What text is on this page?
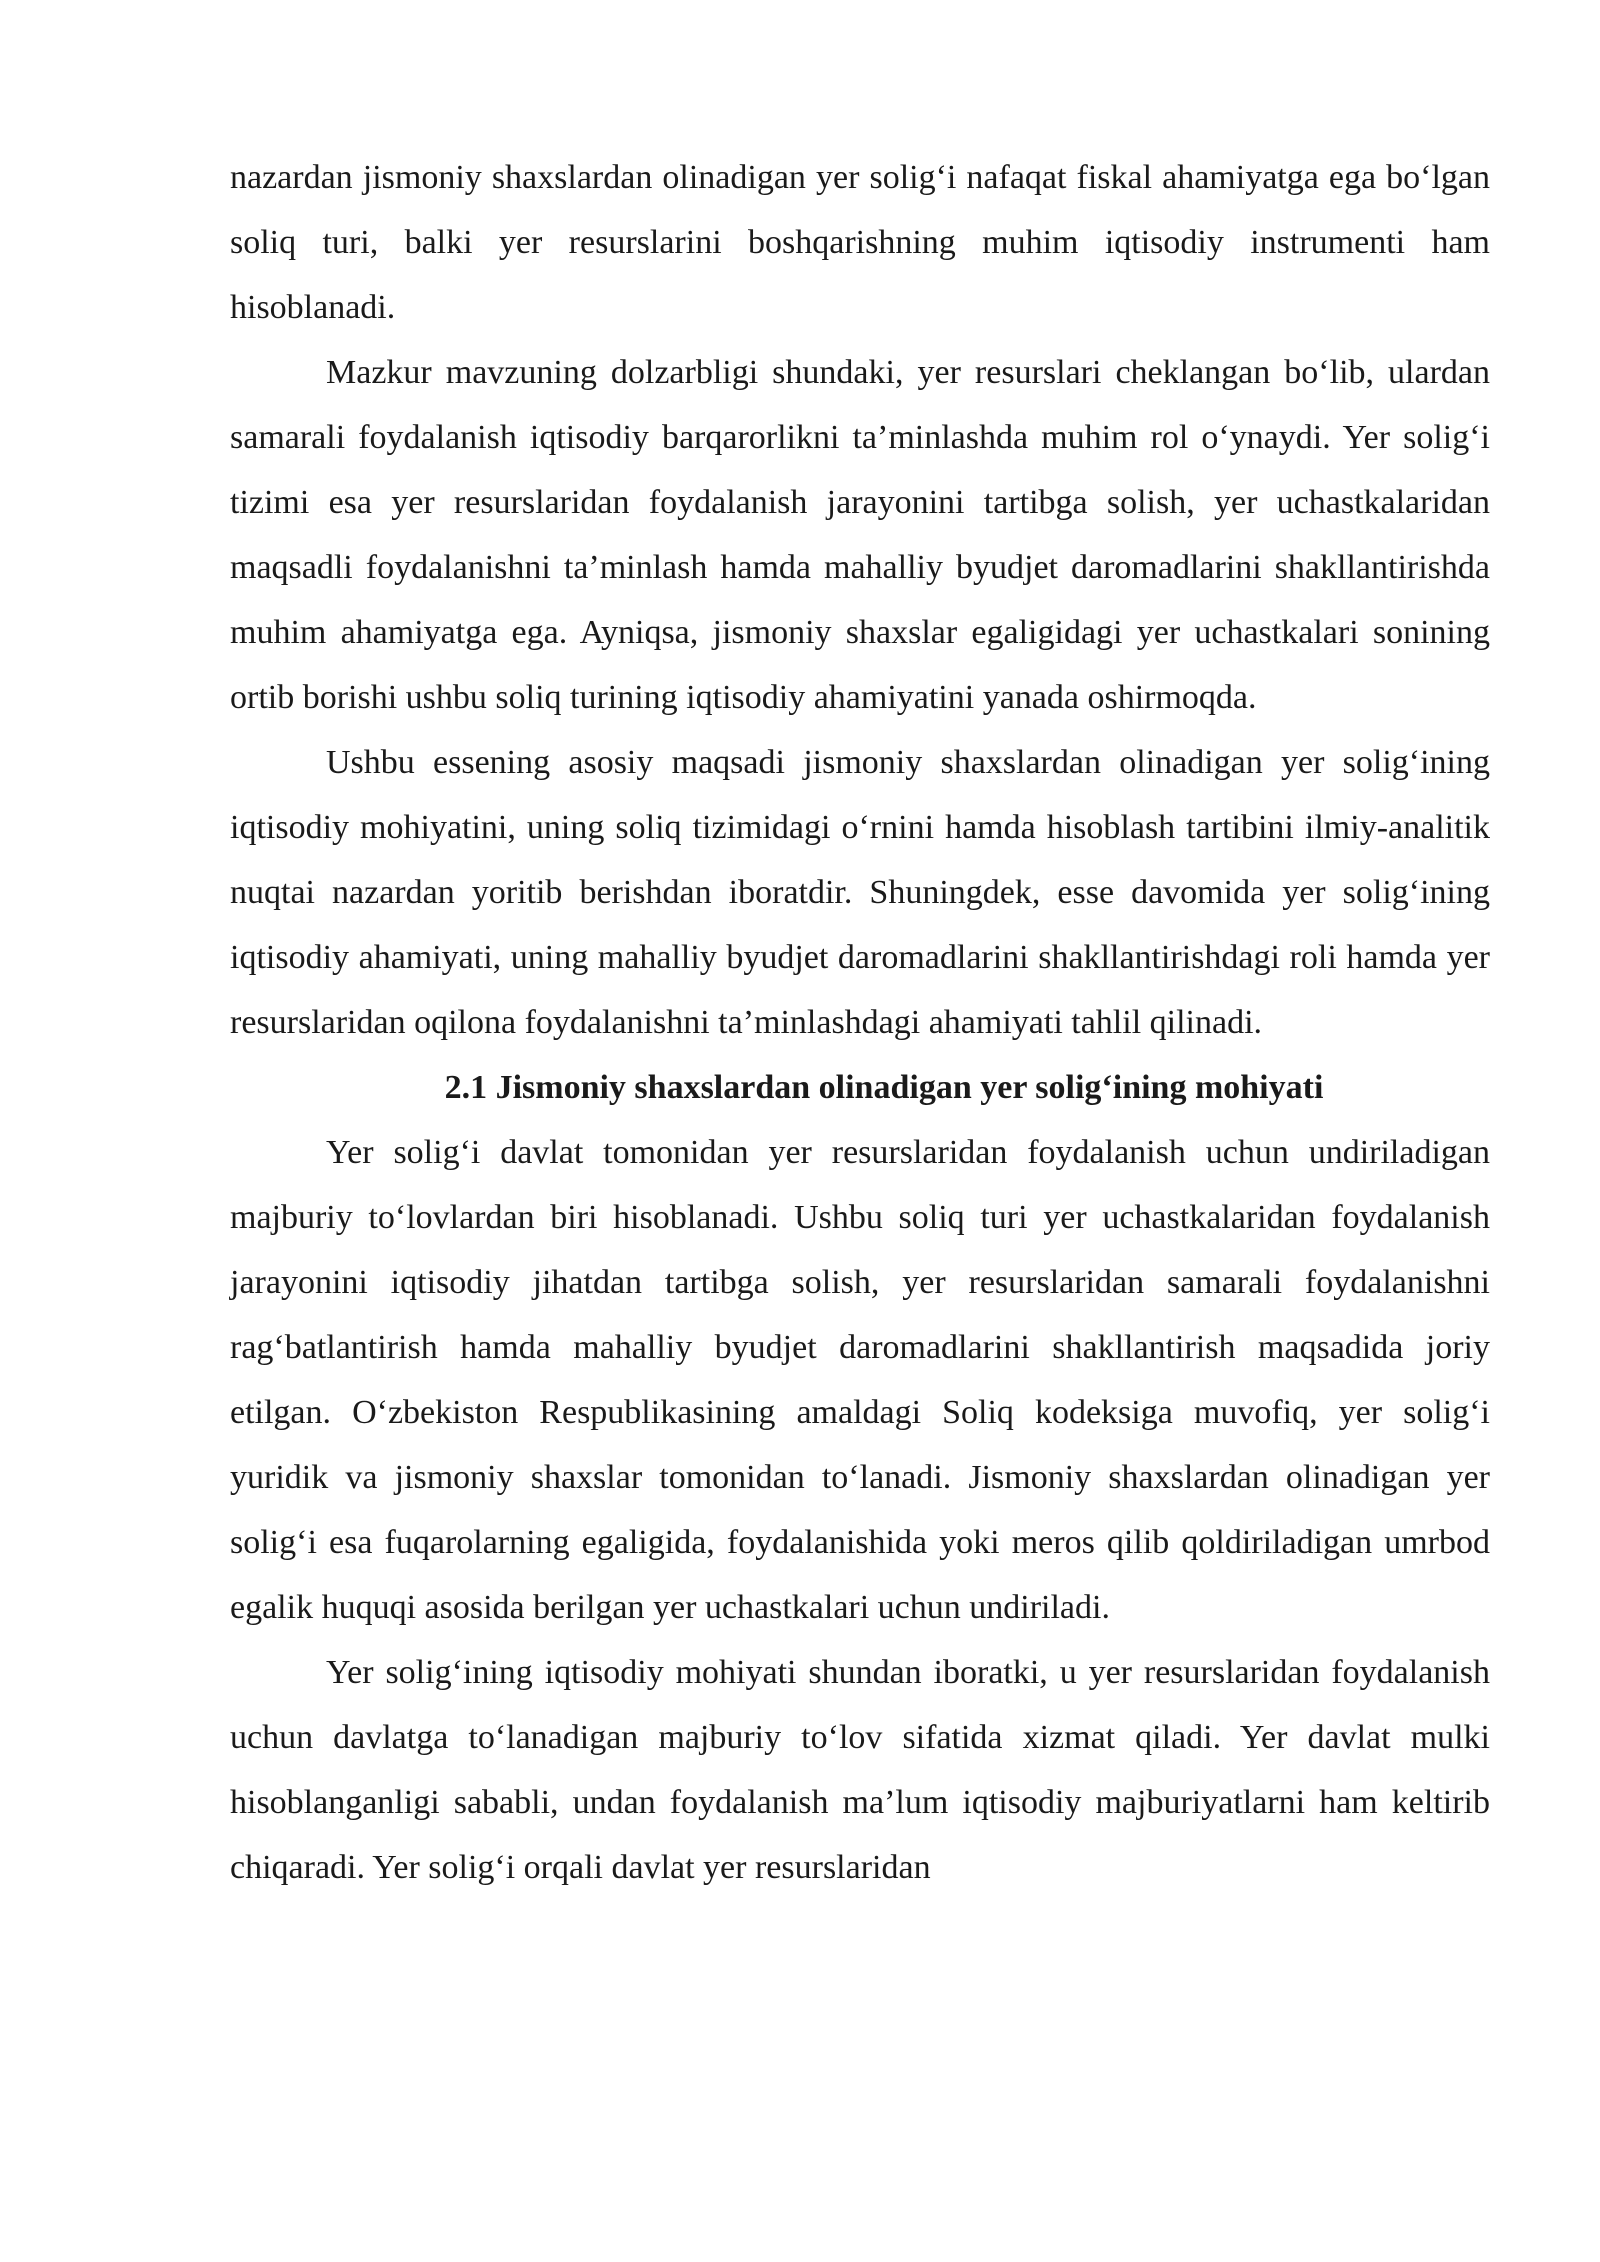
nazardan jismoniy shaxslardan olinadigan yer solig‘i nafaqat fiskal ahamiyatga ega bo‘lgan soliq turi, balki yer resurslarini boshqarishning muhim iqtisodiy instrumenti ham hisoblanadi.

Mazkur mavzuning dolzarbligi shundaki, yer resurslari cheklangan bo‘lib, ulardan samarali foydalanish iqtisodiy barqarorlikni ta’minlashda muhim rol o‘ynaydi. Yer solig‘i tizimi esa yer resurslaridan foydalanish jarayonini tartibga solish, yer uchastkalaridan maqsadli foydalanishni ta’minlash hamda mahalliy byudjet daromadlarini shakllantirishda muhim ahamiyatga ega. Ayniqsa, jismoniy shaxslar egaligidagi yer uchastkalari sonining ortib borishi ushbu soliq turining iqtisodiy ahamiyatini yanada oshirmoqda.

Ushbu essening asosiy maqsadi jismoniy shaxslardan olinadigan yer solig‘ining iqtisodiy mohiyatini, uning soliq tizimidagi o‘rnini hamda hisoblash tartibini ilmiy-analitik nuqtai nazardan yoritib berishdan iboratdir. Shuningdek, esse davomida yer solig‘ining iqtisodiy ahamiyati, uning mahalliy byudjet daromadlarini shakllantirishdagi roli hamda yer resurslaridan oqilona foydalanishni ta’minlashdagi ahamiyati tahlil qilinadi.

2.1 Jismoniy shaxslardan olinadigan yer solig‘ining mohiyati

Yer solig‘i davlat tomonidan yer resurslaridan foydalanish uchun undiriladigan majburiy to‘lovlardan biri hisoblanadi. Ushbu soliq turi yer uchastkalaridan foydalanish jarayonini iqtisodiy jihatdan tartibga solish, yer resurslaridan samarali foydalanishni rag‘batlantirish hamda mahalliy byudjet daromadlarini shakllantirish maqsadida joriy etilgan. O‘zbekiston Respublikasining amaldagi Soliq kodeksiga muvofiq, yer solig‘i yuridik va jismoniy shaxslar tomonidan to‘lanadi. Jismoniy shaxslardan olinadigan yer solig‘i esa fuqarolarning egaligida, foydalanishida yoki meros qilib qoldiriladigan umrbod egalik huquqi asosida berilgan yer uchastkalari uchun undiriladi.

Yer solig‘ining iqtisodiy mohiyati shundan iboratki, u yer resurslaridan foydalanish uchun davlatga to‘lanadigan majburiy to‘lov sifatida xizmat qiladi. Yer davlat mulki hisoblanganligi sababli, undan foydalanish ma’lum iqtisodiy majburiyatlarni ham keltirib chiqaradi. Yer solig‘i orqali davlat yer resurslaridan
